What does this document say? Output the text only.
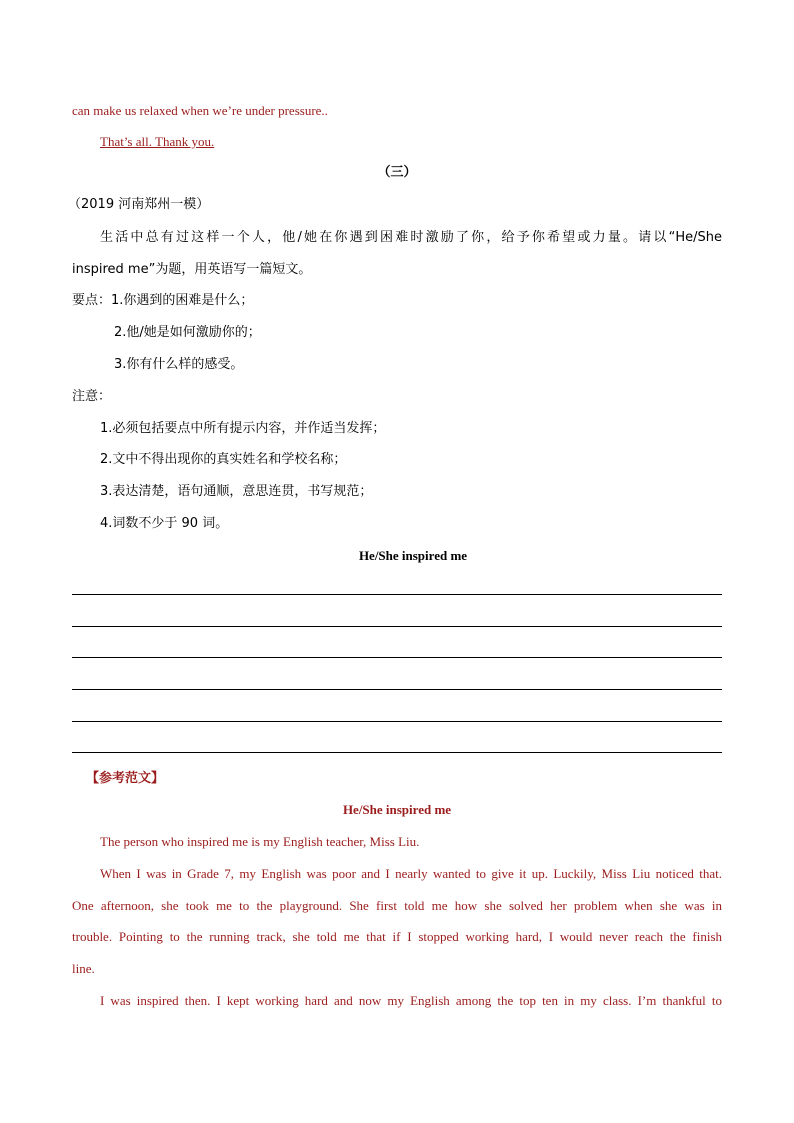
can make us relaxed when we’re under pressure..
That’s all. Thank you.
（三）
（2019 河南郑州一模）
生活中总有过这样一个人，他/她在你遇到困难时激励了你，给予你希望或力量。请以“He/She
inspired me”为题，用英语写一篇短文。
要点：1.你遇到的困难是什么；
2.他/她是如何激励你的；
3.你有什么样的感受。
注意：
1.必须包括要点中所有提示内容，并作适当发挥；
2.文中不得出现你的真实姓名和学校名称；
3.表达清楚，语句通顺，意思连贯，书写规范；
4.词数不少于 90 词。
He/She inspired me
【参考范文】
He/She inspired me
The person who inspired me is my English teacher, Miss Liu.
When I was in Grade 7, my English was poor and I nearly wanted to give it up. Luckily, Miss Liu noticed that.
One afternoon, she took me to the playground. She first told me how she solved her problem when she was in
trouble. Pointing to the running track, she told me that if I stopped working hard, I would never reach the finish
line.
I was inspired then. I kept working hard and now my English among the top ten in my class. I’m thankful to
